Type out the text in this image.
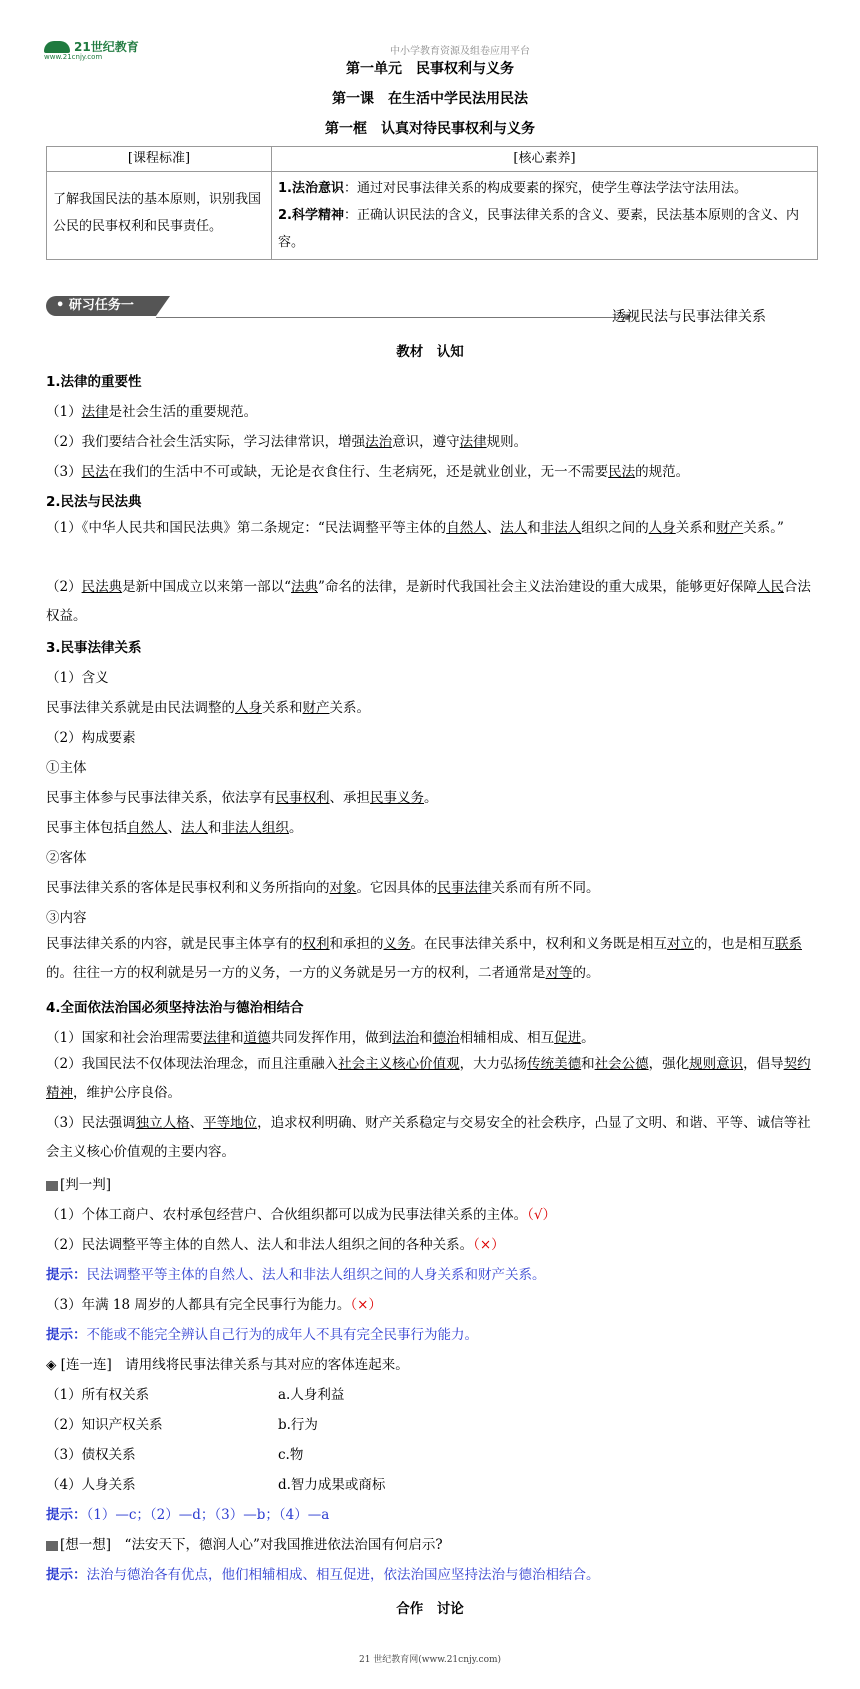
21世纪教育
www.21cnjy.com	中小学教育资源及组卷应用平台
第一单元　民事权利与义务
第一课　在生活中学民法用民法
第一框　认真对待民事权利与义务
[课程标准]	[核心素养]
了解我国民法的基本原则，识别我国公民的民事权利和民事责任。	1.法治意识：通过对民事法律关系的构成要素的探究，使学生尊法学法守法用法。
2.科学精神：正确认识民法的含义，民事法律关系的含义、要素，民法基本原则的含义、内容。
• 研习任务一
透视民法与民事法律关系
教材　认知
1.法律的重要性
（1）法律是社会生活的重要规范。
（2）我们要结合社会生活实际，学习法律常识，增强法治意识，遵守法律规则。
（3）民法在我们的生活中不可或缺，无论是衣食住行、生老病死，还是就业创业，无一不需要民法的规范。
2.民法与民法典
（1）《中华人民共和国民法典》第二条规定：“民法调整平等主体的自然人、法人和非法人组织之间的人身关系和财产关系。”
（2）民法典是新中国成立以来第一部以“法典”命名的法律，是新时代我国社会主义法治建设的重大成果，能够更好保障人民合法权益。
3.民事法律关系
（1）含义
民事法律关系就是由民法调整的人身关系和财产关系。
（2）构成要素
①主体
民事主体参与民事法律关系，依法享有民事权利、承担民事义务。
民事主体包括自然人、法人和非法人组织。
②客体
民事法律关系的客体是民事权利和义务所指向的对象。它因具体的民事法律关系而有所不同。
③内容
民事法律关系的内容，就是民事主体享有的权利和承担的义务。在民事法律关系中，权利和义务既是相互对立的，也是相互联系的。往往一方的权利就是另一方的义务，一方的义务就是另一方的权利，二者通常是对等的。
4.全面依法治国必须坚持法治与德治相结合
（1）国家和社会治理需要法律和道德共同发挥作用，做到法治和德治相辅相成、相互促进。
（2）我国民法不仅体现法治理念，而且注重融入社会主义核心价值观，大力弘扬传统美德和社会公德，强化规则意识，倡导契约精神，维护公序良俗。
（3）民法强调独立人格、平等地位，追求权利明确、财产关系稳定与交易安全的社会秩序，凸显了文明、和谐、平等、诚信等社会主义核心价值观的主要内容。
[判一判]
（1）个体工商户、农村承包经营户、合伙组织都可以成为民事法律关系的主体。（√）
（2）民法调整平等主体的自然人、法人和非法人组织之间的各种关系。（×）
提示：民法调整平等主体的自然人、法人和非法人组织之间的人身关系和财产关系。
（3）年满 18 周岁的人都具有完全民事行为能力。（×）
提示：不能或不能完全辨认自己行为的成年人不具有完全民事行为能力。
◈ [连一连]　 请用线将民事法律关系与其对应的客体连起来。
（1）所有权关系	a.人身利益
（2）知识产权关系	b.行为
（3）债权关系	c.物
（4）人身关系	d.智力成果或商标
提示：（1）—c；（2）—d；（3）—b；（4）—a
[想一想]　 “法安天下，德润人心”对我国推进依法治国有何启示?
提示：法治与德治各有优点，他们相辅相成、相互促进，依法治国应坚持法治与德治相结合。
合作　讨论
21 世纪教育网(www.21cnjy.com)
